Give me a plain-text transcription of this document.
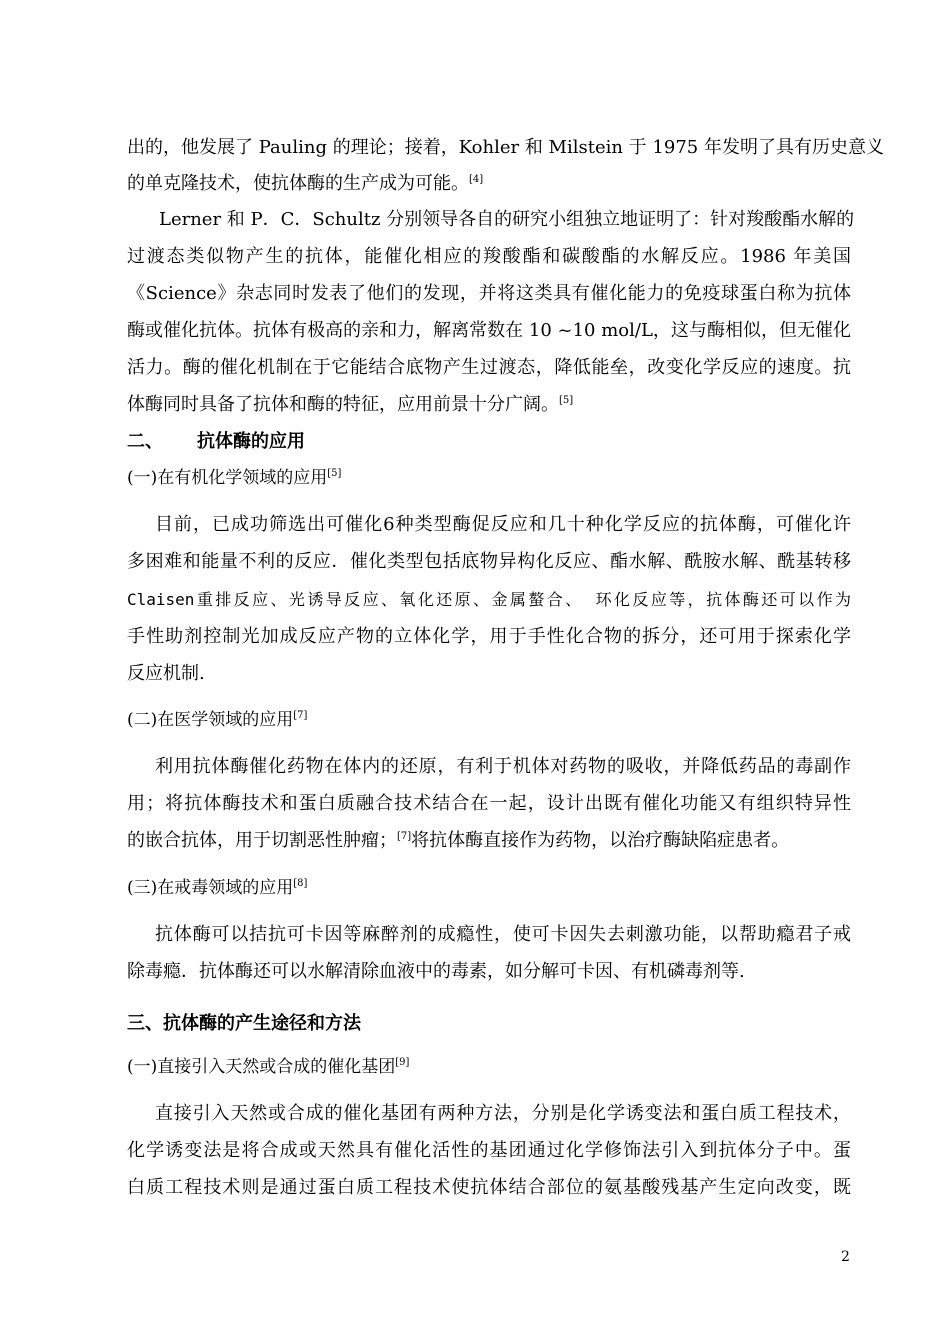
出的，他发展了 Pauling 的理论；接着，Kohler 和 Milstein 于 1975 年发明了具有历史意义
的单克隆技术，使抗体酶的生产成为可能。[4]
Lerner 和 P．C．Schultz 分别领导各自的研究小组独立地证明了：针对羧酸酯水解的
过渡态类似物产生的抗体，能催化相应的羧酸酯和碳酸酯的水解反应。1986 年美国
《Science》杂志同时发表了他们的发现，并将这类具有催化能力的免疫球蛋白称为抗体
酶或催化抗体。抗体有极高的亲和力，解离常数在 10 ~10 mol/L，这与酶相似，但无催化
活力。酶的催化机制在于它能结合底物产生过渡态，降低能垒，改变化学反应的速度。抗
体酶同时具备了抗体和酶的特征，应用前景十分广阔。[5]
二、 抗体酶的应用
(一)在有机化学领域的应用[5]
目前，已成功筛选出可催化6种类型酶促反应和几十种化学反应的抗体酶，可催化许
多困难和能量不利的反应．催化类型包括底物异构化反应、酯水解、酰胺水解、酰基转移
Claisen重排反应、光诱导反应、氧化还原、金属螯合、 环化反应等，抗体酶还可以作为
手性助剂控制光加成反应产物的立体化学，用于手性化合物的拆分，还可用于探索化学
反应机制.
(二)在医学领域的应用[7]
利用抗体酶催化药物在体内的还原，有利于机体对药物的吸收，并降低药品的毒副作
用；将抗体酶技术和蛋白质融合技术结合在一起，设计出既有催化功能又有组织特异性
的嵌合抗体，用于切割恶性肿瘤；[7]将抗体酶直接作为药物，以治疗酶缺陷症患者。
(三)在戒毒领域的应用[8]
抗体酶可以拮抗可卡因等麻醉剂的成瘾性，使可卡因失去刺激功能，以帮助瘾君子戒
除毒瘾．抗体酶还可以水解清除血液中的毒素，如分解可卡因、有机磷毒剂等.
三、抗体酶的产生途径和方法
(一)直接引入天然或合成的催化基团[9]
直接引入天然或合成的催化基团有两种方法，分别是化学诱变法和蛋白质工程技术，
化学诱变法是将合成或天然具有催化活性的基团通过化学修饰法引入到抗体分子中。蛋
白质工程技术则是通过蛋白质工程技术使抗体结合部位的氨基酸残基产生定向改变，既
2
